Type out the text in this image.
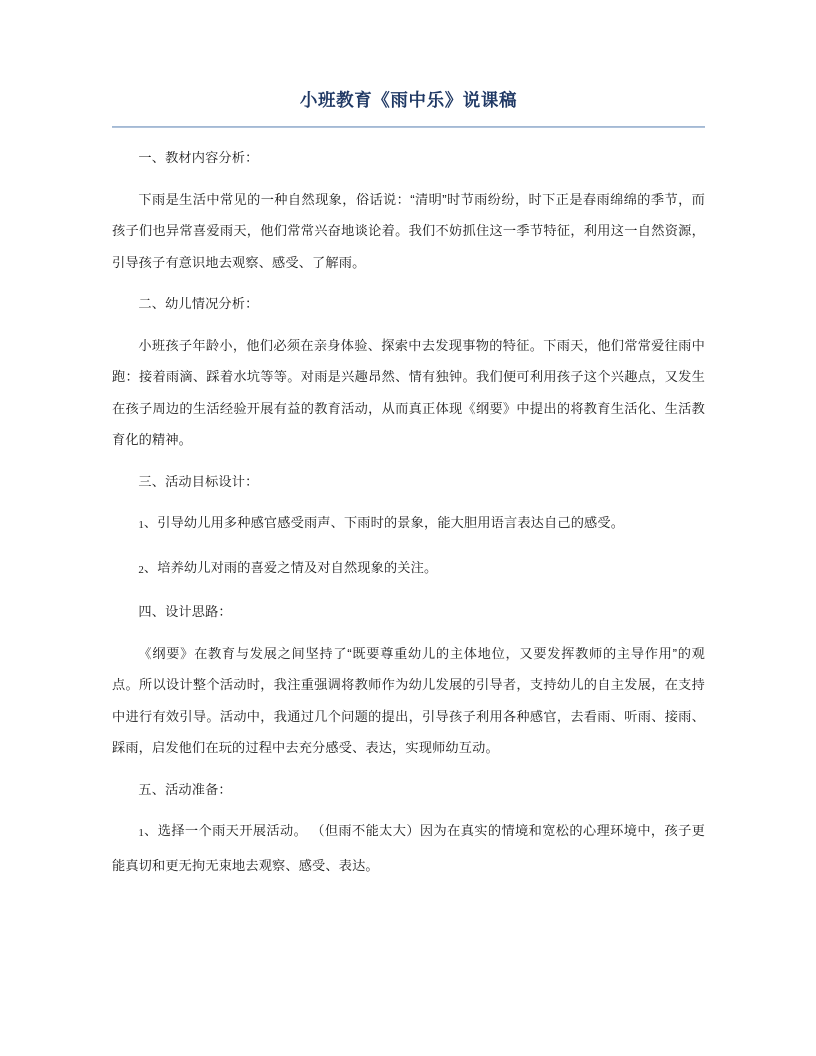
小班教育《雨中乐》说课稿

一、教材内容分析：

下雨是生活中常见的一种自然现象，俗话说：“清明”时节雨纷纷，时下正是春雨绵绵的季节，而孩子们也异常喜爱雨天，他们常常兴奋地谈论着。我们不妨抓住这一季节特征，利用这一自然资源，引导孩子有意识地去观察、感受、了解雨。

二、幼儿情况分析：

小班孩子年龄小，他们必须在亲身体验、探索中去发现事物的特征。下雨天，他们常常爱往雨中跑：接着雨滴、踩着水坑等等。对雨是兴趣昂然、情有独钟。我们便可利用孩子这个兴趣点，又发生在孩子周边的生活经验开展有益的教育活动，从而真正体现《纲要》中提出的将教育生活化、生活教育化的精神。

三、活动目标设计：

1、引导幼儿用多种感官感受雨声、下雨时的景象，能大胆用语言表达自己的感受。

2、培养幼儿对雨的喜爱之情及对自然现象的关注。

四、设计思路：

《纲要》在教育与发展之间坚持了“既要尊重幼儿的主体地位，又要发挥教师的主导作用”的观点。所以设计整个活动时，我注重强调将教师作为幼儿发展的引导者，支持幼儿的自主发展，在支持中进行有效引导。活动中，我通过几个问题的提出，引导孩子利用各种感官，去看雨、听雨、接雨、踩雨，启发他们在玩的过程中去充分感受、表达，实现师幼互动。

五、活动准备：

1、选择一个雨天开展活动。 （但雨不能太大）因为在真实的情境和宽松的心理环境中，孩子更能真切和更无拘无束地去观察、感受、表达。
